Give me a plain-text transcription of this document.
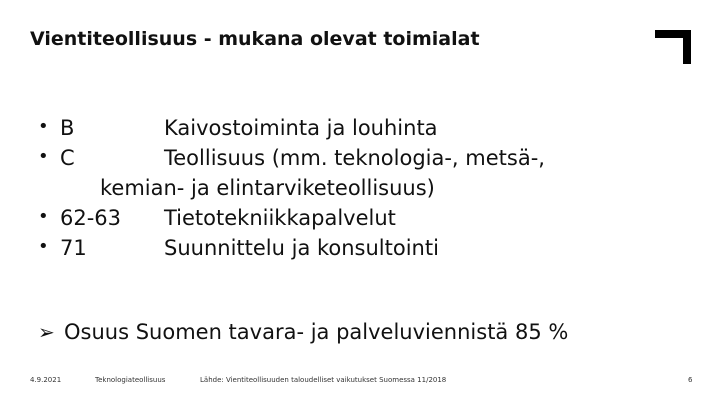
Vientiteollisuus - mukana olevat toimialat
• B	Kaivostoiminta ja louhinta
• C	Teollisuus (mm. teknologia-, metsä-,
kemian- ja elintarviketeollisuus)
• 62-63 Tietotekniikkapalvelut
• 71	Suunnittelu ja konsultointi
➢ Osuus Suomen tavara- ja palveluviennistä 85 %
4.9.2021	Teknologiateollisuus	Lähde: Vientiteollisuuden taloudelliset vaikutukset Suomessa 11/2018	6
